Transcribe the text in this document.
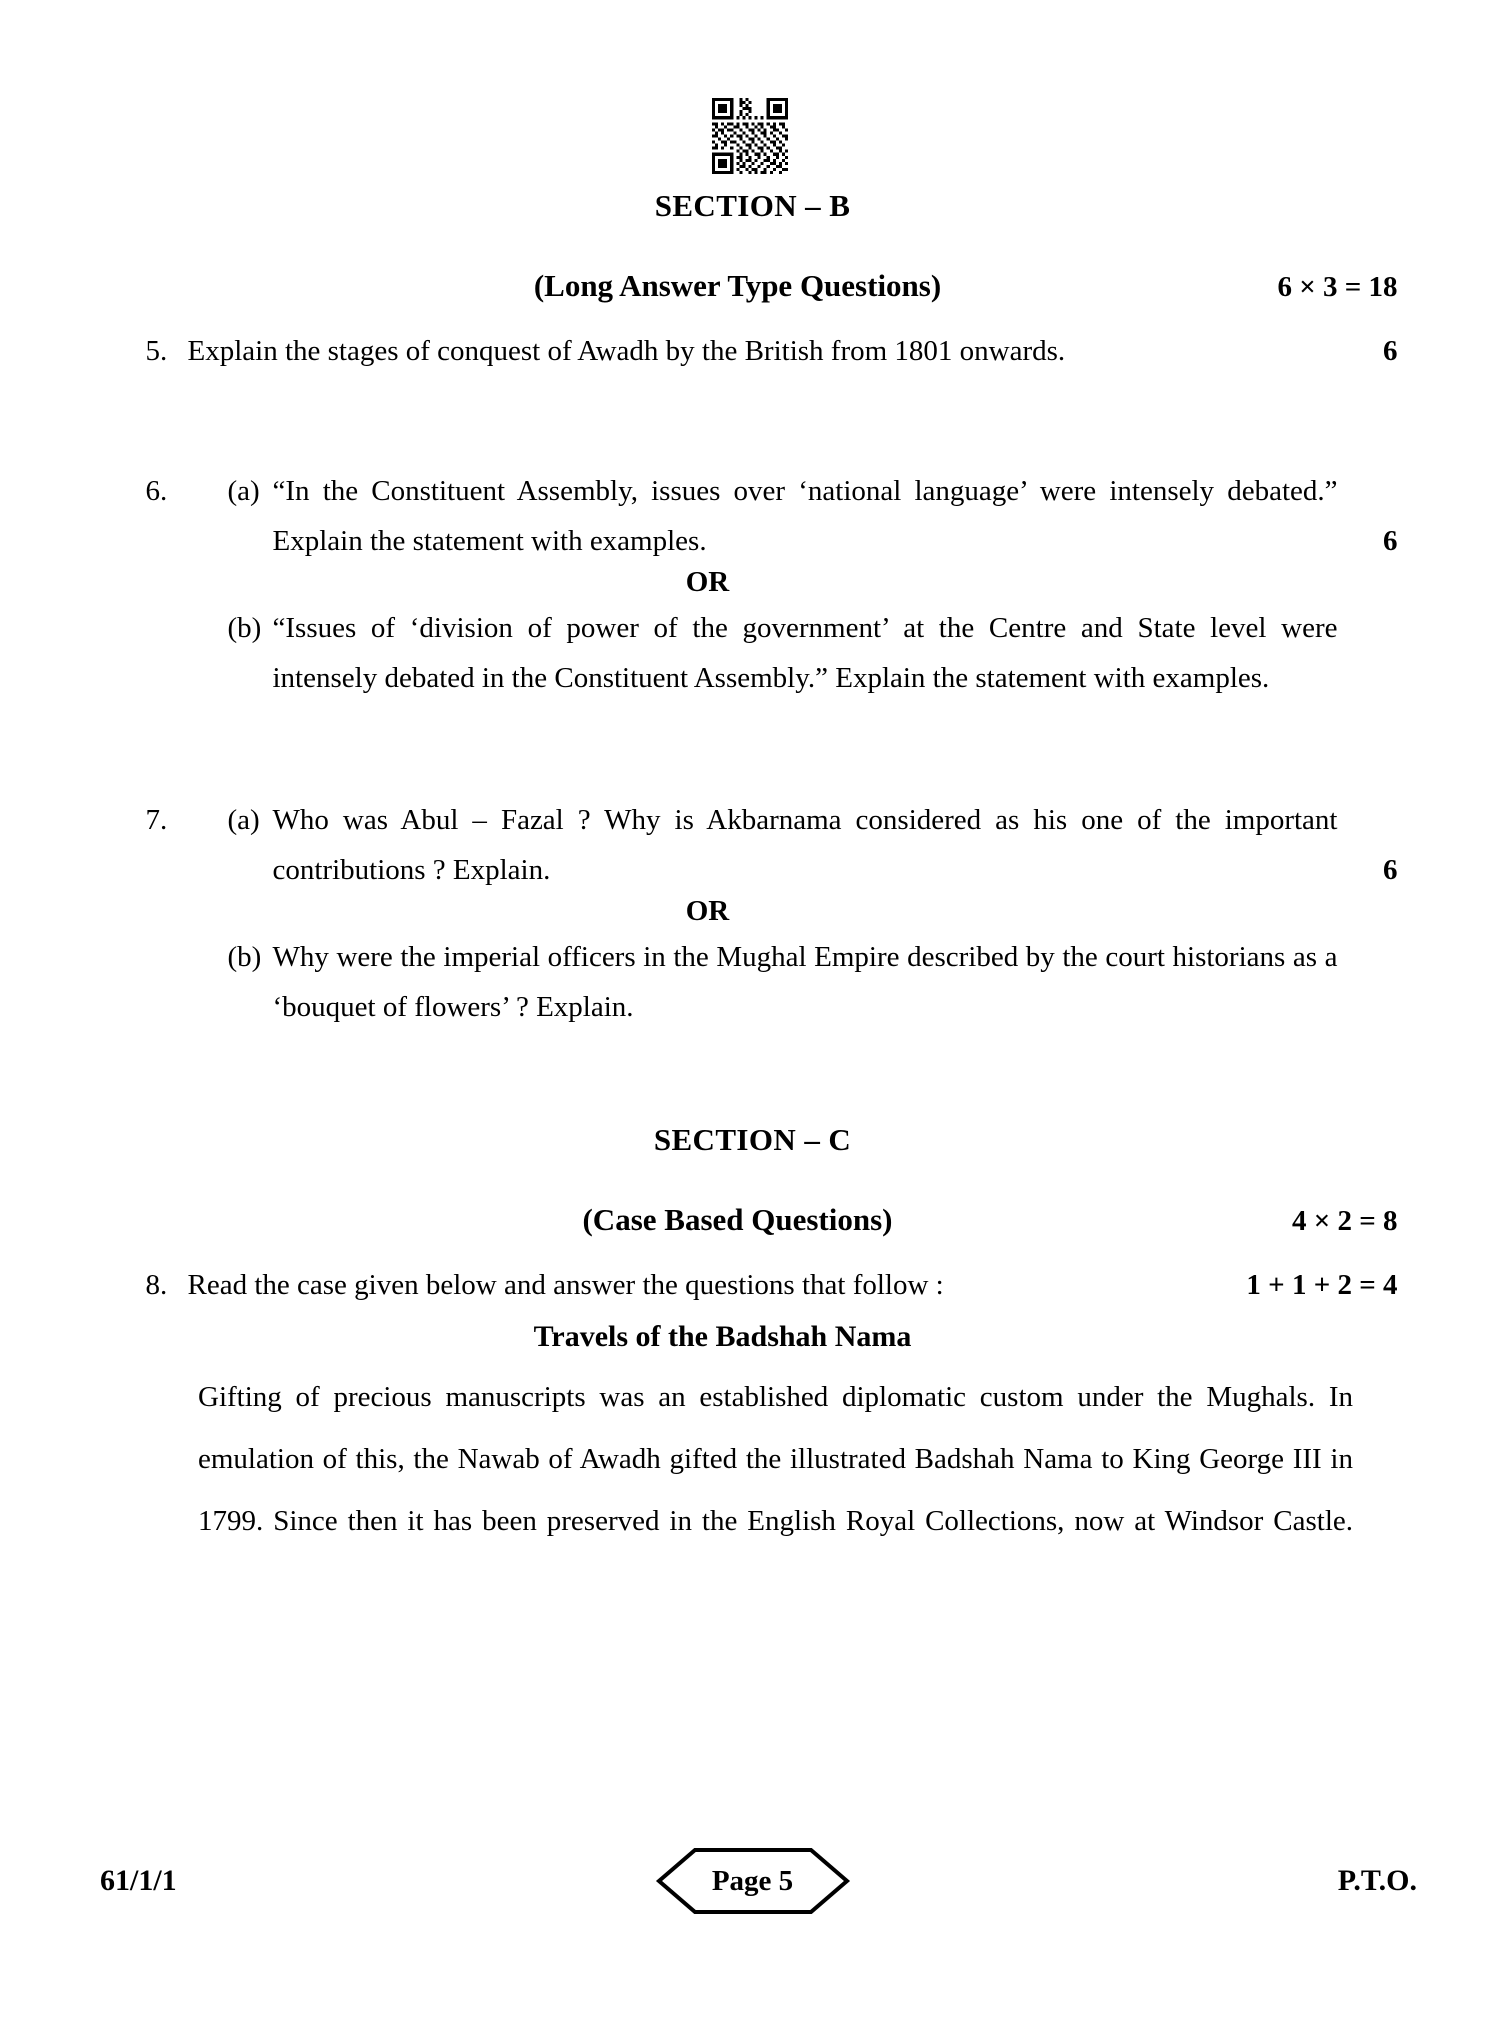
SECTION – B
(Long Answer Type Questions)	6 × 3 = 18
5. Explain the stages of conquest of Awadh by the British from 1801 onwards.	6
6.	(a) “In the Constituent Assembly, issues over ‘national language’ were intensely debated.” Explain the statement with examples.	6
OR
(b) “Issues of ‘division of power of the government’ at the Centre and State level were intensely debated in the Constituent Assembly.” Explain the statement with examples.
7.	(a) Who was Abul – Fazal ? Why is Akbarnama considered as his one of the important contributions ? Explain.	6
OR
(b) Why were the imperial officers in the Mughal Empire described by the court historians as a ‘bouquet of flowers’ ? Explain.
SECTION – C
(Case Based Questions)	4 × 2 = 8
8. Read the case given below and answer the questions that follow :	1 + 1 + 2 = 4
Travels of the Badshah Nama
Gifting of precious manuscripts was an established diplomatic custom under the Mughals. In emulation of this, the Nawab of Awadh gifted the illustrated Badshah Nama to King George III in 1799. Since then it has been preserved in the English Royal Collections, now at Windsor Castle.
61/1/1	Page 5	P.T.O.
